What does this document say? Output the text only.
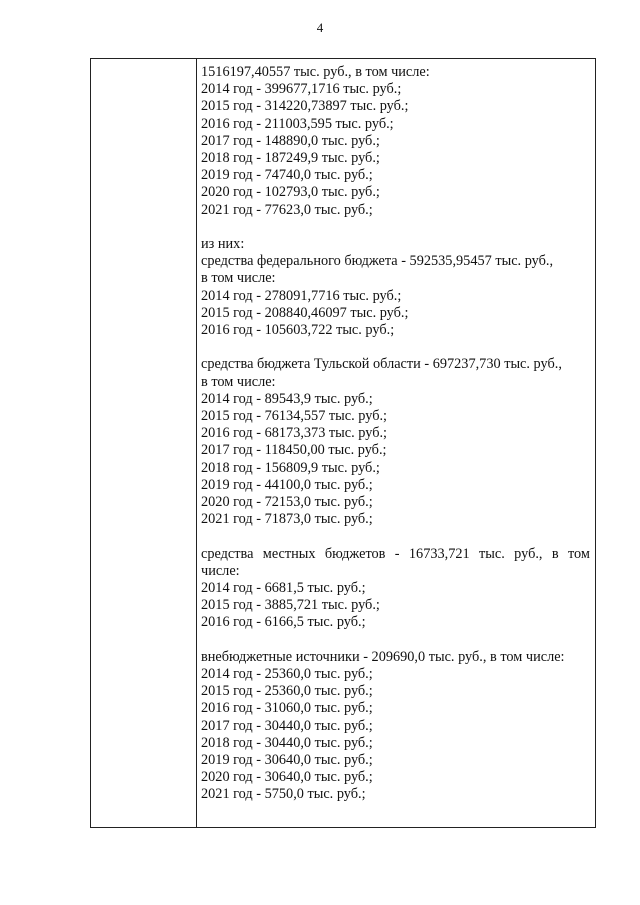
4
1516197,40557 тыс. руб., в том числе:
2014 год - 399677,1716 тыс. руб.;
2015 год - 314220,73897 тыс. руб.;
2016 год - 211003,595 тыс. руб.;
2017 год - 148890,0 тыс. руб.;
2018 год - 187249,9 тыс. руб.;
2019 год - 74740,0 тыс. руб.;
2020 год - 102793,0 тыс. руб.;
2021 год - 77623,0 тыс. руб.;
из них:
средства федерального бюджета - 592535,95457 тыс. руб.,
в том числе:
2014 год - 278091,7716 тыс. руб.;
2015 год - 208840,46097 тыс. руб.;
2016 год - 105603,722 тыс. руб.;
средства бюджета Тульской области - 697237,730 тыс. руб.,
в том числе:
2014 год - 89543,9 тыс. руб.;
2015 год - 76134,557 тыс. руб.;
2016 год - 68173,373 тыс. руб.;
2017 год - 118450,00 тыс. руб.;
2018 год - 156809,9 тыс. руб.;
2019 год - 44100,0 тыс. руб.;
2020 год - 72153,0 тыс. руб.;
2021 год - 71873,0 тыс. руб.;
средства местных бюджетов - 16733,721 тыс. руб., в том
числе:
2014 год - 6681,5 тыс. руб.;
2015 год - 3885,721 тыс. руб.;
2016 год - 6166,5 тыс. руб.;
внебюджетные источники - 209690,0 тыс. руб., в том числе:
2014 год - 25360,0 тыс. руб.;
2015 год - 25360,0 тыс. руб.;
2016 год - 31060,0 тыс. руб.;
2017 год - 30440,0 тыс. руб.;
2018 год - 30440,0 тыс. руб.;
2019 год - 30640,0 тыс. руб.;
2020 год - 30640,0 тыс. руб.;
2021 год - 5750,0 тыс. руб.;
